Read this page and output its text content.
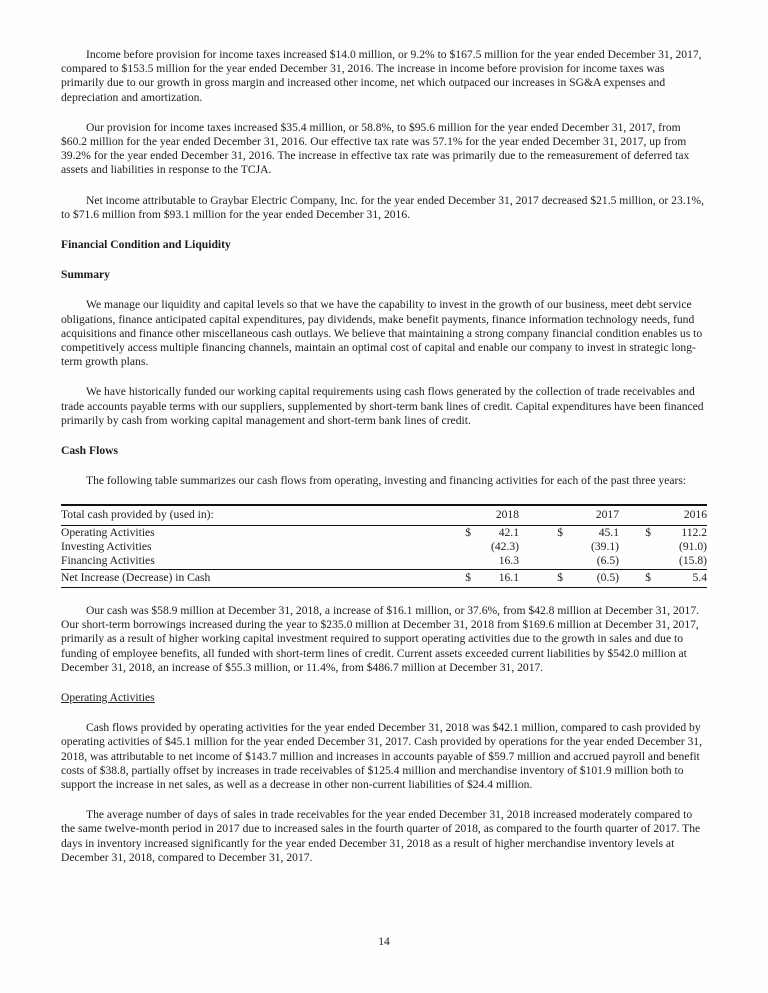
Income before provision for income taxes increased $14.0 million, or 9.2% to $167.5 million for the year ended December 31, 2017, compared to $153.5 million for the year ended December 31, 2016. The increase in income before provision for income taxes was primarily due to our growth in gross margin and increased other income, net which outpaced our increases in SG&A expenses and depreciation and amortization.

Our provision for income taxes increased $35.4 million, or 58.8%, to $95.6 million for the year ended December 31, 2017, from $60.2 million for the year ended December 31, 2016. Our effective tax rate was 57.1% for the year ended December 31, 2017, up from 39.2% for the year ended December 31, 2016. The increase in effective tax rate was primarily due to the remeasurement of deferred tax assets and liabilities in response to the TCJA.

Net income attributable to Graybar Electric Company, Inc. for the year ended December 31, 2017 decreased $21.5 million, or 23.1%, to $71.6 million from $93.1 million for the year ended December 31, 2016.

Financial Condition and Liquidity
Summary

We manage our liquidity and capital levels so that we have the capability to invest in the growth of our business, meet debt service obligations, finance anticipated capital expenditures, pay dividends, make benefit payments, finance information technology needs, fund acquisitions and finance other miscellaneous cash outlays. We believe that maintaining a strong company financial condition enables us to competitively access multiple financing channels, maintain an optimal cost of capital and enable our company to invest in strategic long-term growth plans.

We have historically funded our working capital requirements using cash flows generated by the collection of trade receivables and trade accounts payable terms with our suppliers, supplemented by short-term bank lines of credit. Capital expenditures have been financed primarily by cash from working capital management and short-term bank lines of credit.

Cash Flows

The following table summarizes our cash flows from operating, investing and financing activities for each of the past three years:

Total cash provided by (used in):		2018		2017		2016
Operating Activities	$	42.1	$	45.1	$	112.2
Investing Activities		(42.3)		(39.1)		(91.0)
Financing Activities		16.3		(6.5)		(15.8)
Net Increase (Decrease) in Cash	$	16.1	$	(0.5)	$	5.4

Our cash was $58.9 million at December 31, 2018, a increase of $16.1 million, or 37.6%, from $42.8 million at December 31, 2017. Our short-term borrowings increased during the year to $235.0 million at December 31, 2018 from $169.6 million at December 31, 2017, primarily as a result of higher working capital investment required to support operating activities due to the growth in sales and due to funding of employee benefits, all funded with short-term lines of credit. Current assets exceeded current liabilities by $542.0 million at December 31, 2018, an increase of $55.3 million, or 11.4%, from $486.7 million at December 31, 2017.

Operating Activities

Cash flows provided by operating activities for the year ended December 31, 2018 was $42.1 million, compared to cash provided by operating activities of $45.1 million for the year ended December 31, 2017. Cash provided by operations for the year ended December 31, 2018, was attributable to net income of $143.7 million and increases in accounts payable of $59.7 million and accrued payroll and benefit costs of $38.8, partially offset by increases in trade receivables of $125.4 million and merchandise inventory of $101.9 million both to support the increase in net sales, as well as a decrease in other non-current liabilities of $24.4 million.

The average number of days of sales in trade receivables for the year ended December 31, 2018 increased moderately compared to the same twelve-month period in 2017 due to increased sales in the fourth quarter of 2018, as compared to the fourth quarter of 2017. The days in inventory increased significantly for the year ended December 31, 2018 as a result of higher merchandise inventory levels at December 31, 2018, compared to December 31, 2017.

14
